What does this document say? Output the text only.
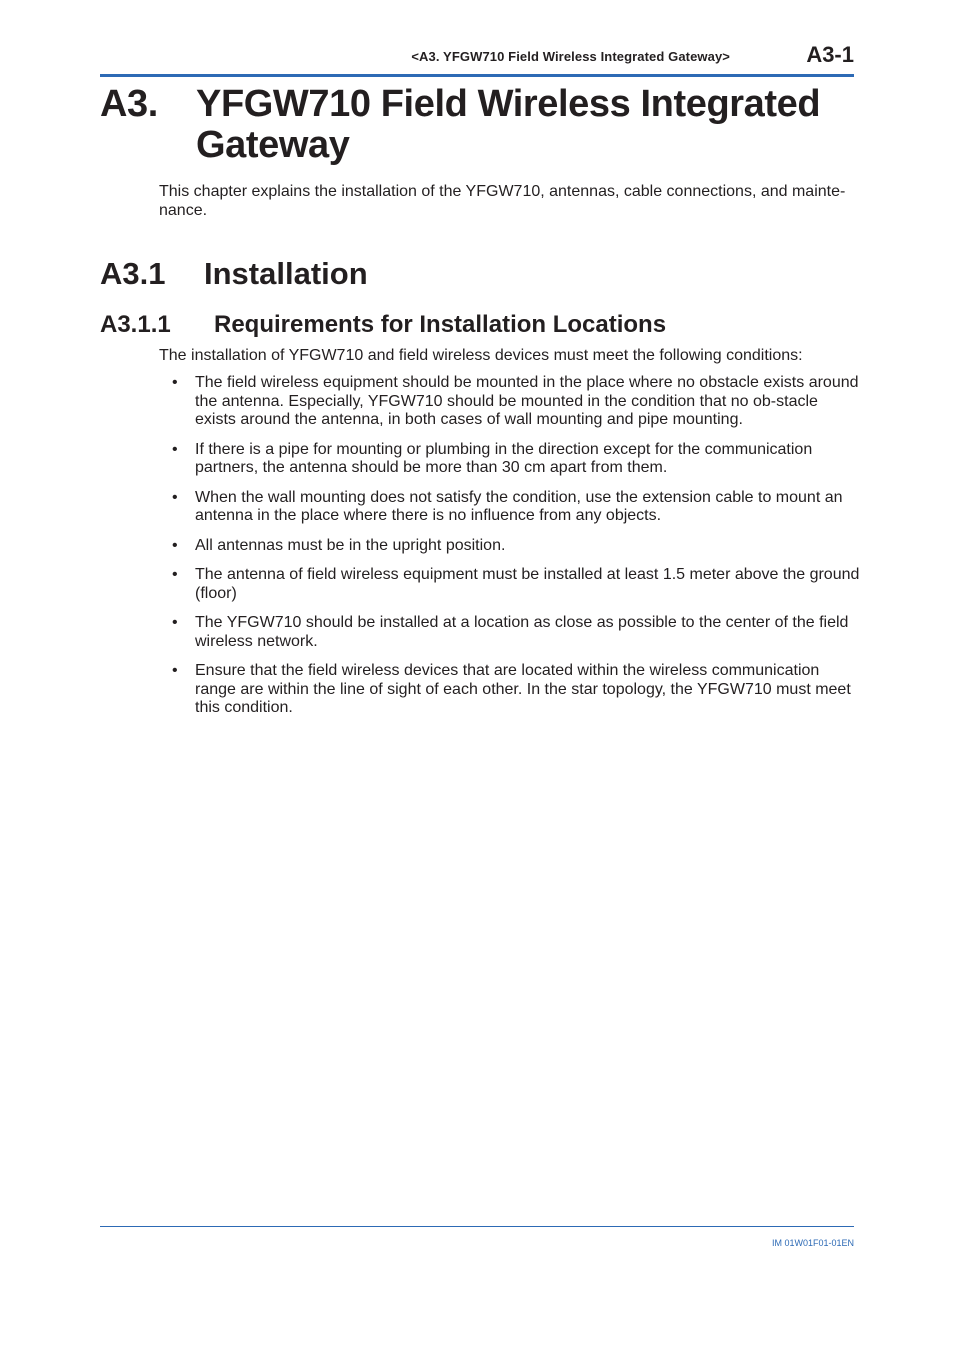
<A3. YFGW710 Field Wireless Integrated Gateway>	A3-1
A3. YFGW710 Field Wireless Integrated Gateway

This chapter explains the installation of the YFGW710, antennas, cable connections, and mainte-nance.

A3.1 Installation
A3.1.1 Requirements for Installation Locations

The installation of YFGW710 and field wireless devices must meet the following conditions:

• The field wireless equipment should be mounted in the place where no obstacle exists around the antenna. Especially, YFGW710 should be mounted in the condition that no ob-stacle exists around the antenna, in both cases of wall mounting and pipe mounting.
• If there is a pipe for mounting or plumbing in the direction except for the communication partners, the antenna should be more than 30 cm apart from them.
• When the wall mounting does not satisfy the condition, use the extension cable to mount an antenna in the place where there is no influence from any objects.
• All antennas must be in the upright position.
• The antenna of field wireless equipment must be installed at least 1.5 meter above the ground (floor)
• The YFGW710 should be installed at a location as close as possible to the center of the field wireless network.
• Ensure that the field wireless devices that are located within the wireless communication range are within the line of sight of each other. In the star topology, the YFGW710 must meet this condition.
IM 01W01F01-01EN
